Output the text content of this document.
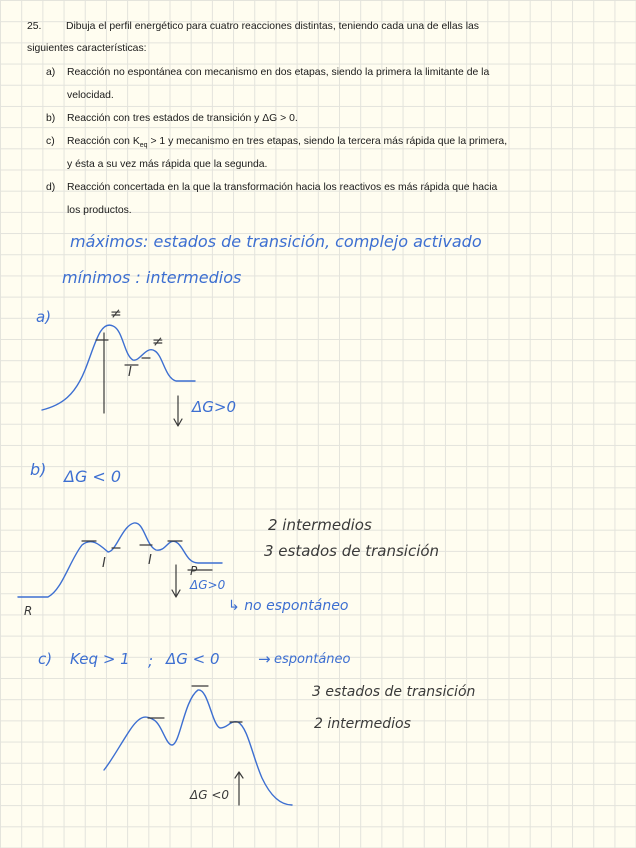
25. Dibuja el perfil energético para cuatro reacciones distintas, teniendo cada una de ellas las
siguientes características:
a) Reacción no espontánea con mecanismo en dos etapas, siendo la primera la limitante de la
velocidad.
b) Reacción con tres estados de transición y ΔG > 0.
c) Reacción con $K_{eq} > 1$ y mecanismo en tres etapas, siendo la tercera más rápida que la primera,
y ésta a su vez más rápida que la segunda.
d) Reacción concertada en la que la transformación hacia los reactivos es más rápida que hacia
los productos.
máximos: estados de transición, complejo activado
mínimos : intermedios
a)	≠
≠
I
ΔG>0
b) ΔG < 0
2 intermedios
3 estados de transición
I	I
R
P
ΔG>0
↳ no espontáneo
c) Keq > 1 ; ΔG < 0	→ espontáneo
3 estados de transición
2 intermedios
ΔG <0
